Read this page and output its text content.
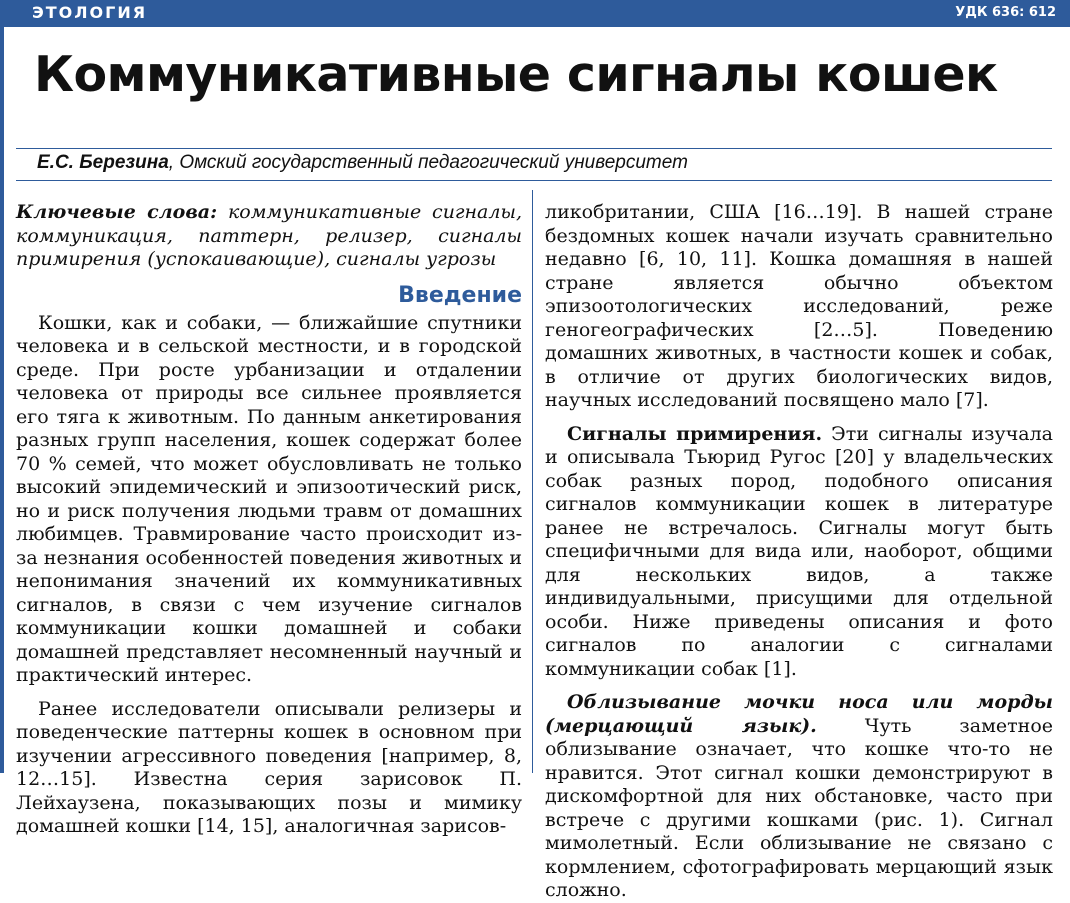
ЭТОЛОГИЯ	УДК 636: 612
Коммуникативные сигналы кошек
Е.С. Березина, Омский государственный педагогический университет

Ключевые слова: коммуникативные сигналы, коммуникация, паттерн, релизер, сигналы примирения (успокаивающие), сигналы угрозы

Введение

Кошки, как и собаки, — ближайшие спутники человека и в сельской местности, и в городской среде. При росте урбанизации и отдалении человека от природы все сильнее проявляется его тяга к животным. По данным анкетирования разных групп населения, кошек содержат более 70 % семей, что может обусловливать не только высокий эпидемический и эпизоотический риск, но и риск получения людьми травм от домашних любимцев. Травмирование часто происходит из-за незнания особенностей поведения животных и непонимания значений их коммуникативных сигналов, в связи с чем изучение сигналов коммуникации кошки домашней и собаки домашней представляет несомненный научный и практический интерес.

Ранее исследователи описывали релизеры и поведенческие паттерны кошек в основном при изучении агрессивного поведения [например, 8, 12…15]. Известна серия зарисовок П. Лейхаузена, показывающих позы и мимику домашней кошки [14, 15], аналогичная зарисов-

ликобритании, США [16…19]. В нашей стране бездомных кошек начали изучать сравнительно недавно [6, 10, 11]. Кошка домашняя в нашей стране является обычно объектом эпизоотологических исследований, реже геногеографических [2…5]. Поведению домашних животных, в частности кошек и собак, в отличие от других биологических видов, научных исследований посвящено мало [7].

Сигналы примирения. Эти сигналы изучала и описывала Тьюрид Ругос [20] у владельческих собак разных пород, подобного описания сигналов коммуникации кошек в литературе ранее не встречалось. Сигналы могут быть специфичными для вида или, наоборот, общими для нескольких видов, а также индивидуальными, присущими для отдельной особи. Ниже приведены описания и фото сигналов по аналогии с сигналами коммуникации собак [1].

Облизывание мочки носа или морды (мерцающий язык). Чуть заметное облизывание означает, что кошке что-то не нравится. Этот сигнал кошки демонстрируют в дискомфортной для них обстановке, часто при встрече с другими кошками (рис. 1). Сигнал мимолетный. Если облизывание не связано с кормлением, сфотографировать мерцающий язык сложно.
